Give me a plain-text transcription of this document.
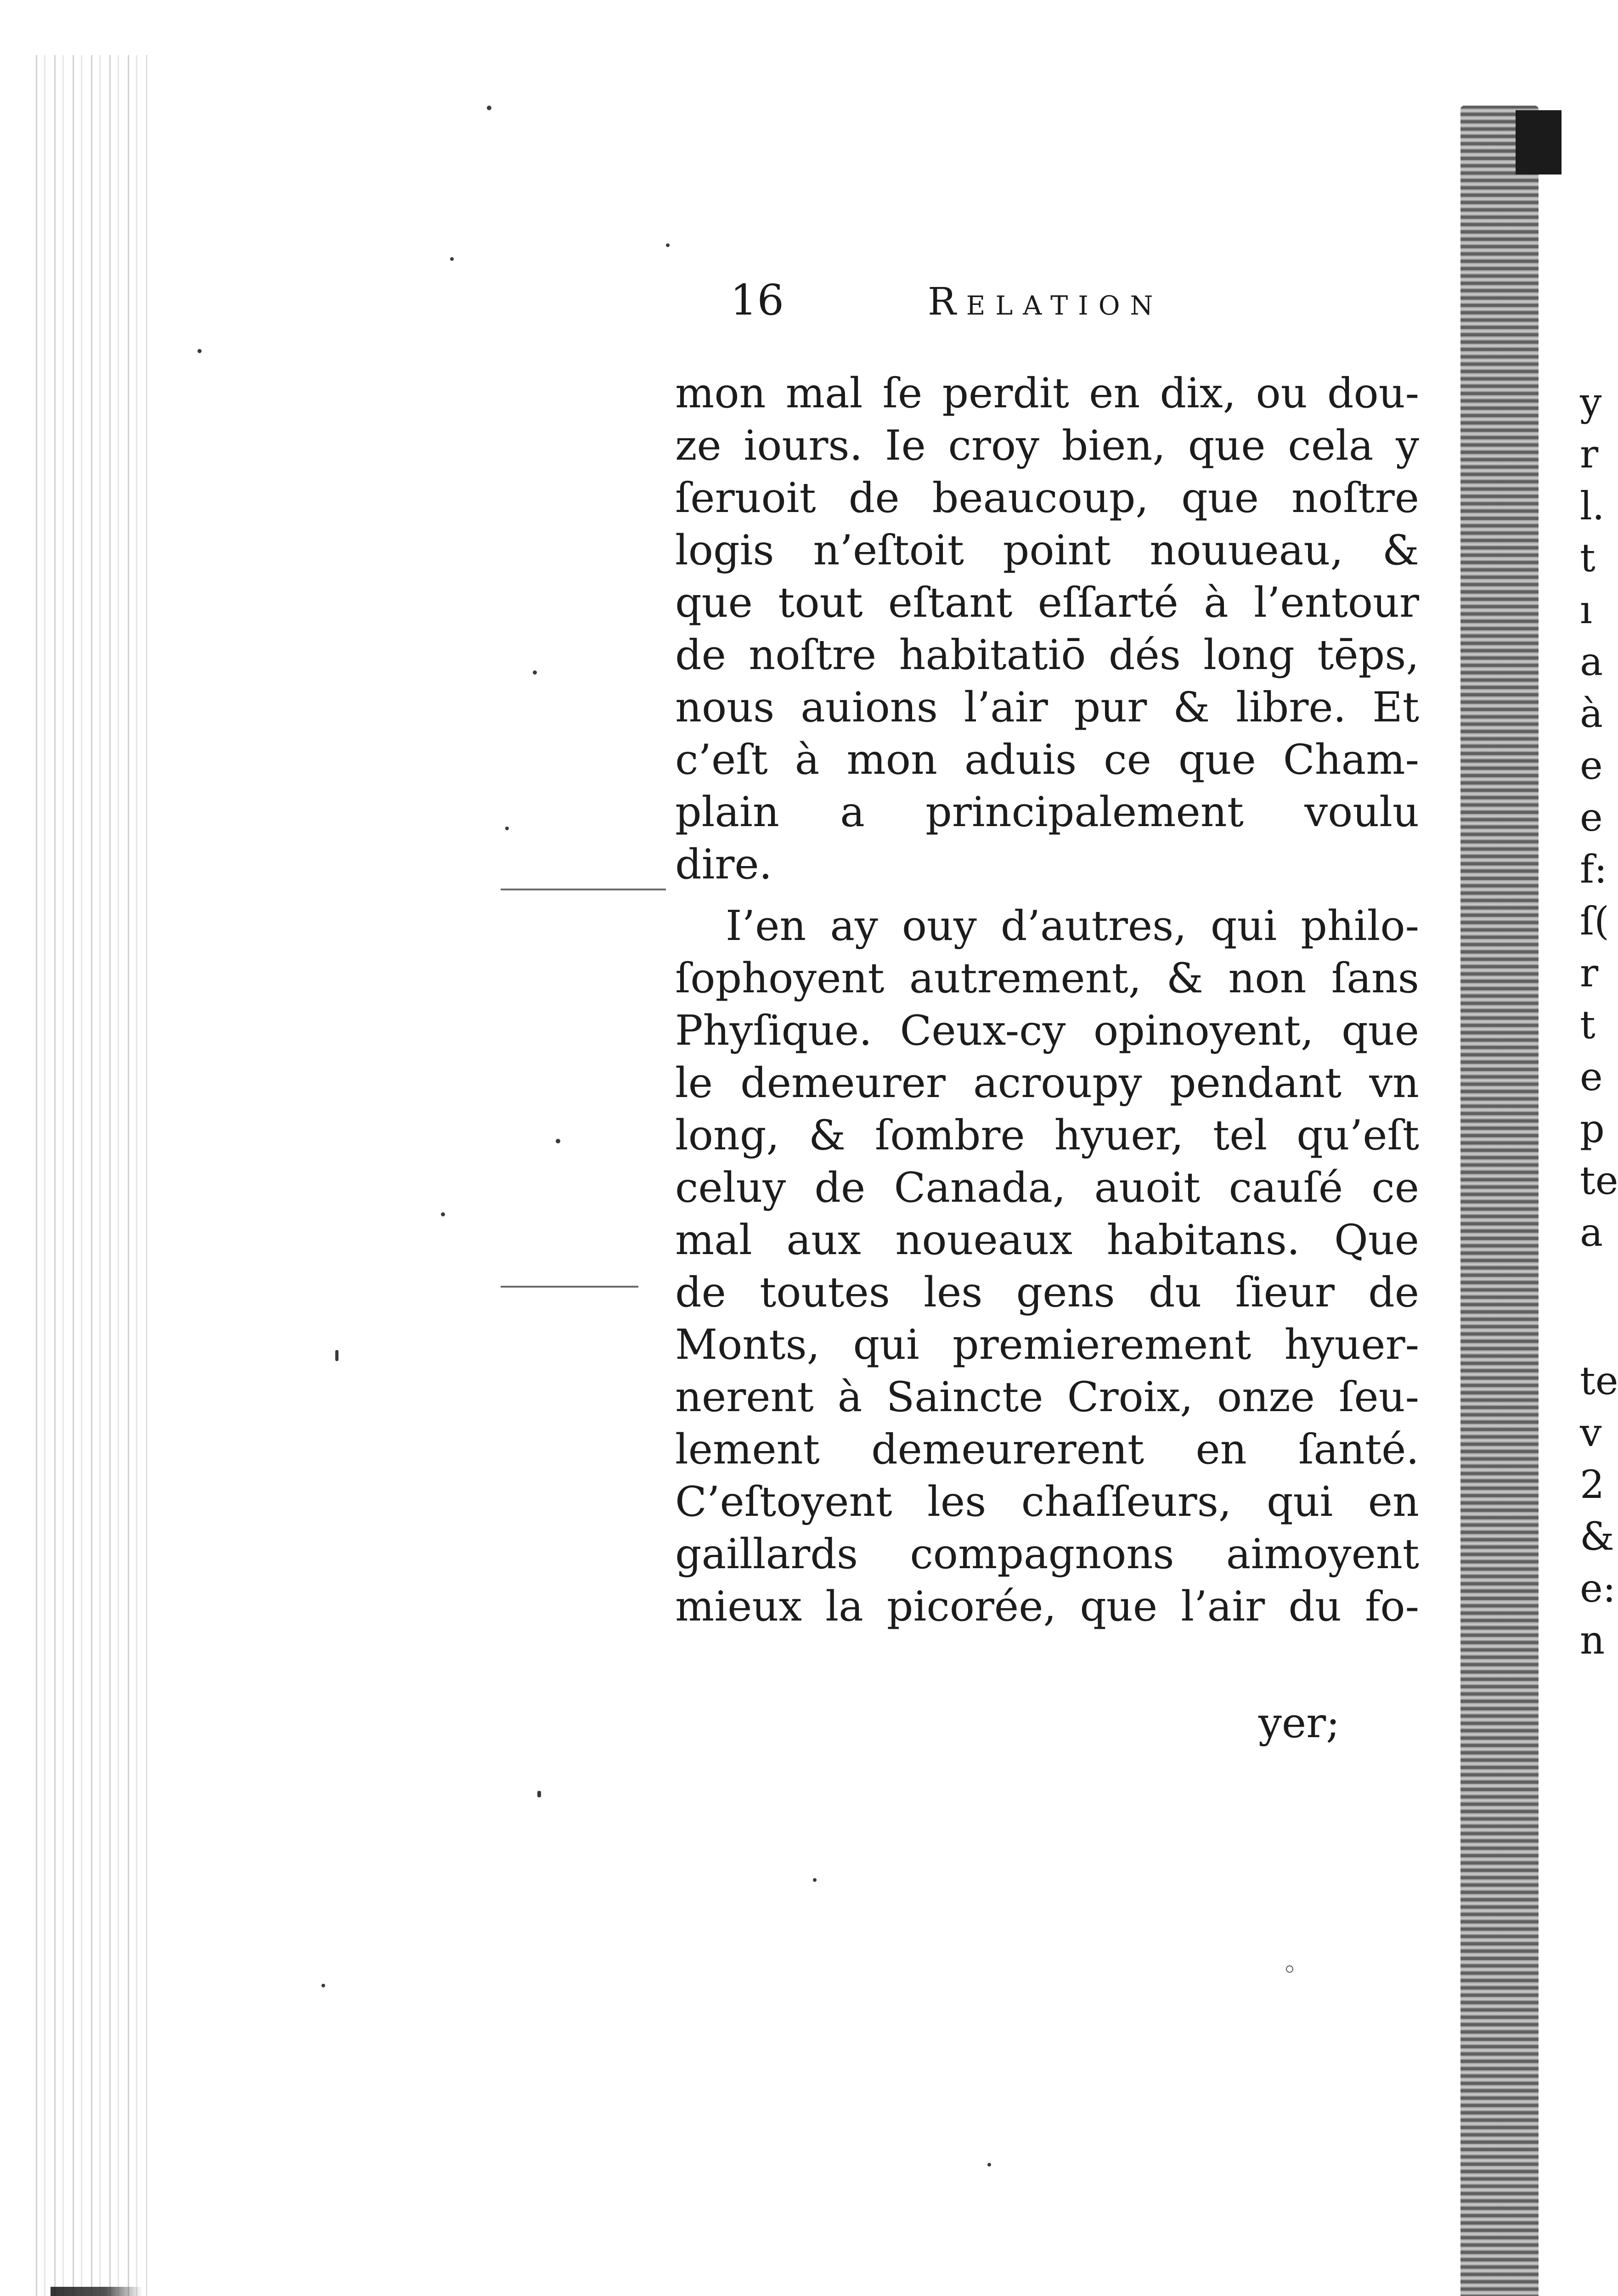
y
r
l.
t
ı
a
à
e
e
f:
ſ(
r
t
e
p
te
a
te
v
2
&
e:
n
16	Relation
mon mal ſe perdit en dix, ou dou-
ze iours. Ie croy bien, que cela y
ſeruoit de beaucoup, que noſtre
logis n’eſtoit point nouueau, &
que tout eſtant eſſarté à l’entour
de noſtre habitatiō dés long tēps,
nous auions l’air pur & libre. Et
c’eſt à mon aduis ce que Cham-
plain a principalement voulu
dire.
I’en ay ouy d’autres, qui philo-
ſophoyent autrement, & non ſans
Phyſique. Ceux-cy opinoyent, que
le demeurer acroupy pendant vn
long, & ſombre hyuer, tel qu’eſt
celuy de Canada, auoit cauſé ce
mal aux noueaux habitans. Que
de toutes les gens du ſieur de
Monts, qui premierement hyuer-
nerent à Saincte Croix, onze ſeu-
lement demeurerent en ſanté.
C’eſtoyent les chaſſeurs, qui en
gaillards compagnons aimoyent
mieux la picorée, que l’air du fo-
yer;
